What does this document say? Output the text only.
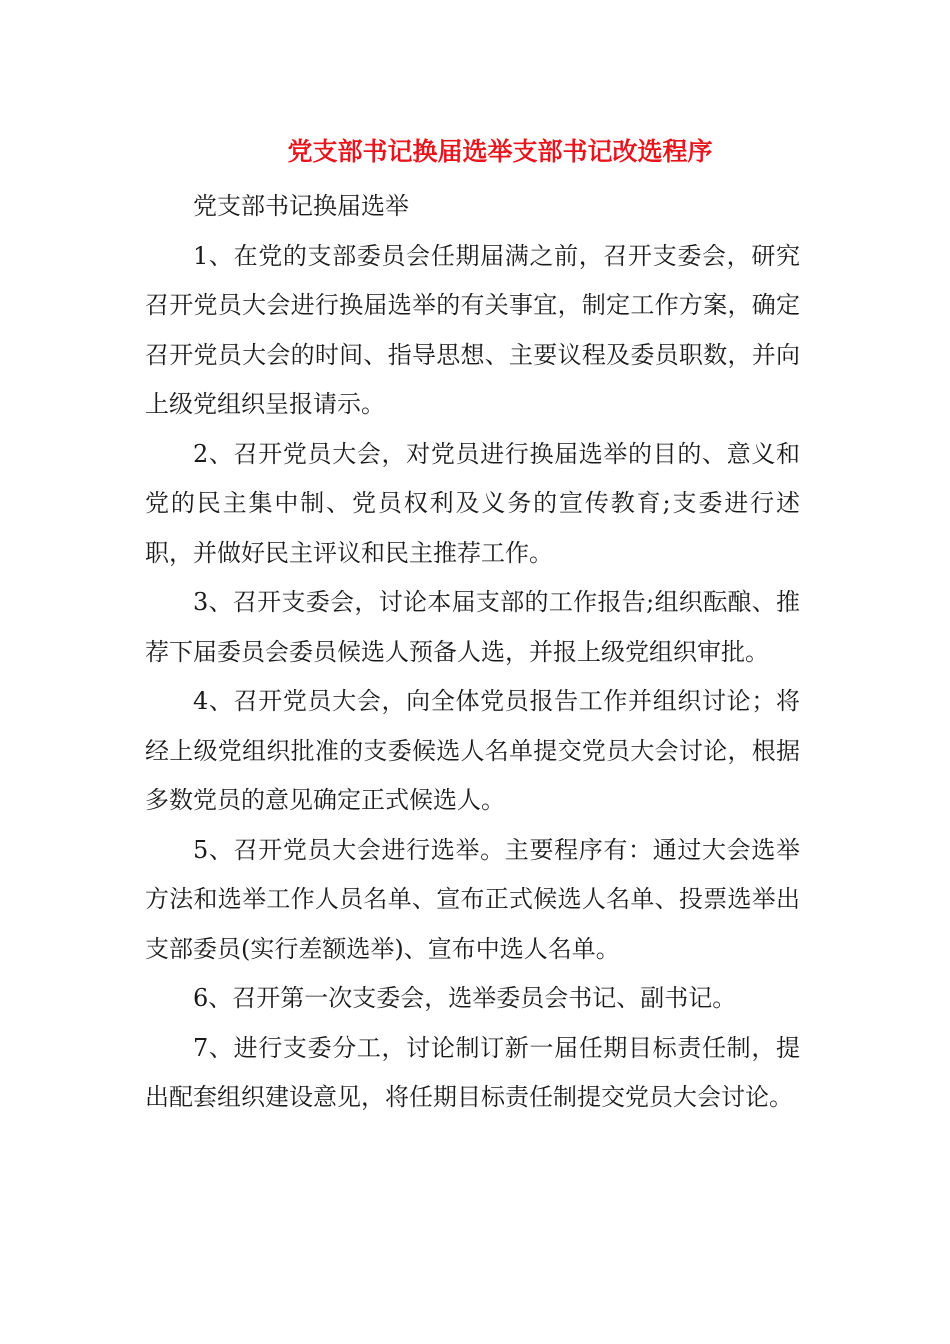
党支部书记换届选举支部书记改选程序

党支部书记换届选举

1、在党的支部委员会任期届满之前，召开支委会，研究召开党员大会进行换届选举的有关事宜，制定工作方案，确定召开党员大会的时间、指导思想、主要议程及委员职数，并向上级党组织呈报请示。

2、召开党员大会，对党员进行换届选举的目的、意义和党的民主集中制、党员权利及义务的宣传教育;支委进行述职，并做好民主评议和民主推荐工作。

3、召开支委会，讨论本届支部的工作报告;组织酝酿、推荐下届委员会委员候选人预备人选，并报上级党组织审批。

4、召开党员大会，向全体党员报告工作并组织讨论；将经上级党组织批准的支委候选人名单提交党员大会讨论，根据多数党员的意见确定正式候选人。

5、召开党员大会进行选举。主要程序有：通过大会选举方法和选举工作人员名单、宣布正式候选人名单、投票选举出支部委员(实行差额选举)、宣布中选人名单。

6、召开第一次支委会，选举委员会书记、副书记。

7、进行支委分工，讨论制订新一届任期目标责任制，提出配套组织建设意见，将任期目标责任制提交党员大会讨论。
